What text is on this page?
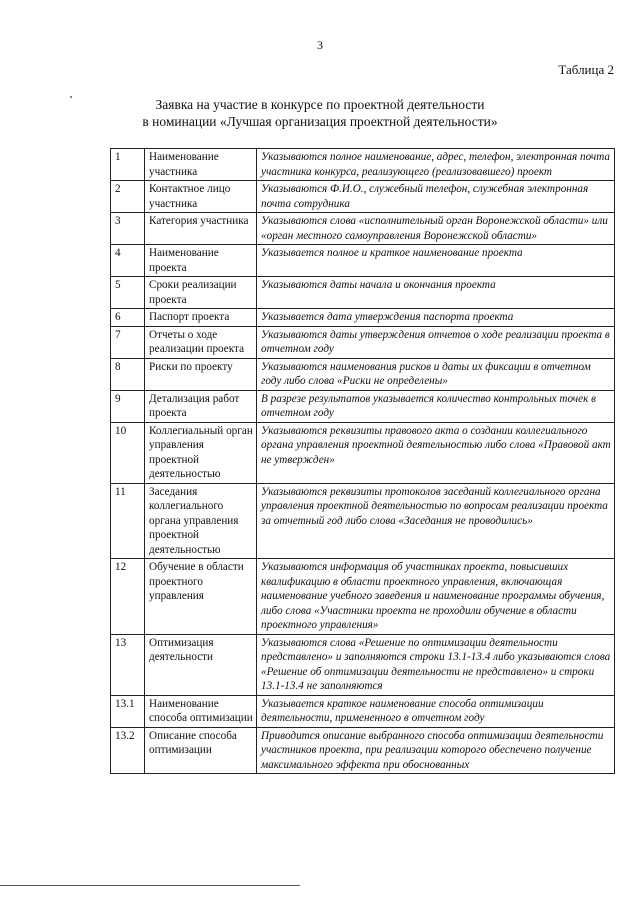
3
Таблица 2
Заявка на участие в конкурсе по проектной деятельности
в номинации «Лучшая организация проектной деятельности»
1	Наименование участника	Указываются полное наименование, адрес, телефон, электронная почта участника конкурса, реализующего (реализовавшего) проект
2	Контактное лицо участника	Указываются Ф.И.О., служебный телефон, служебная электронная почта сотрудника
3	Категория участника	Указываются слова «исполнительный орган Воронежской области» или «орган местного самоуправления Воронежской области»
4	Наименование проекта	Указывается полное и краткое наименование проекта
5	Сроки реализации проекта	Указываются даты начала и окончания проекта
6	Паспорт проекта	Указывается дата утверждения паспорта проекта
7	Отчеты о ходе реализации проекта	Указываются даты утверждения отчетов о ходе реализации проекта в отчетном году
8	Риски по проекту	Указываются наименования рисков и даты их фиксации в отчетном году либо слова «Риски не определены»
9	Детализация работ проекта	В разрезе результатов указывается количество контрольных точек в отчетном году
10	Коллегиальный орган управления проектной деятельностью	Указываются реквизиты правового акта о создании коллегиального органа управления проектной деятельностью либо слова «Правовой акт не утвержден»
11	Заседания коллегиального органа управления проектной деятельностью	Указываются реквизиты протоколов заседаний коллегиального органа управления проектной деятельностью по вопросам реализации проекта за отчетный год либо слова «Заседания не проводились»
12	Обучение в области проектного управления	Указываются информация об участниках проекта, повысивших квалификацию в области проектного управления, включающая наименование учебного заведения и наименование программы обучения, либо слова «Участники проекта не проходили обучение в области проектного управления»
13	Оптимизация деятельности	Указываются слова «Решение по оптимизации деятельности представлено» и заполняются строки 13.1-13.4 либо указываются слова «Решение об оптимизации деятельности не представлено» и строки 13.1-13.4 не заполняются
13.1	Наименование способа оптимизации	Указывается краткое наименование способа оптимизации деятельности, примененного в отчетном году
13.2	Описание способа оптимизации	Приводится описание выбранного способа оптимизации деятельности участников проекта, при реализации которого обеспечено получение максимального эффекта при обоснованных
